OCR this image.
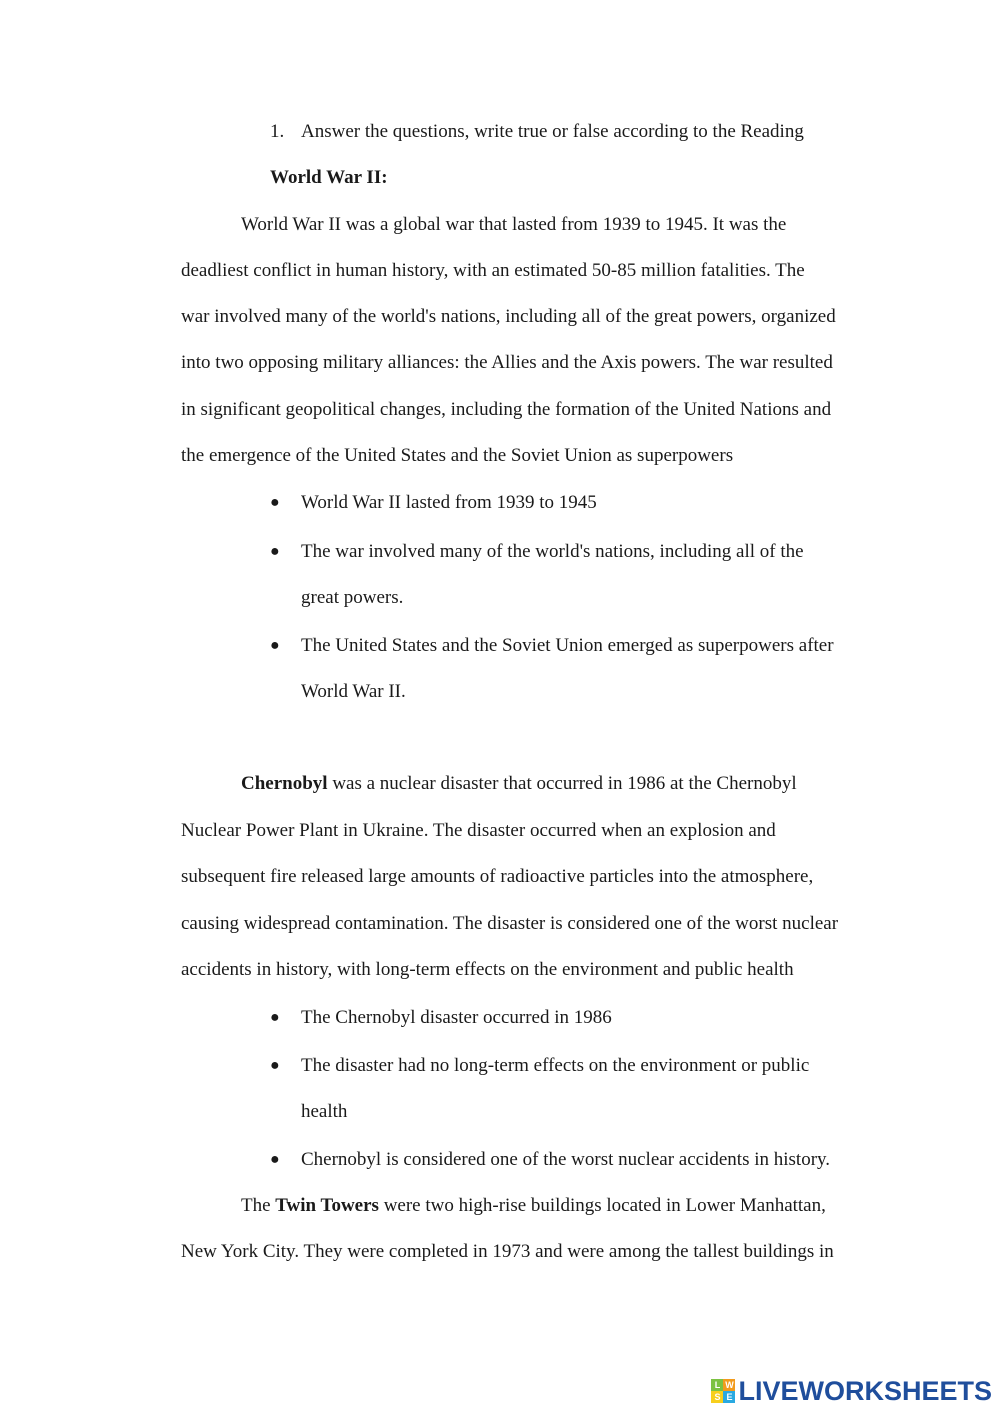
1. Answer the questions, write true or false according to the Reading
World War II:
World War II was a global war that lasted from 1939 to 1945. It was the
deadliest conflict in human history, with an estimated 50-85 million fatalities. The
war involved many of the world's nations, including all of the great powers, organized
into two opposing military alliances: the Allies and the Axis powers. The war resulted
in significant geopolitical changes, including the formation of the United Nations and
the emergence of the United States and the Soviet Union as superpowers
● World War II lasted from 1939 to 1945
● The war involved many of the world's nations, including all of the
great powers.
● The United States and the Soviet Union emerged as superpowers after
World War II.
Chernobyl was a nuclear disaster that occurred in 1986 at the Chernobyl
Nuclear Power Plant in Ukraine. The disaster occurred when an explosion and
subsequent fire released large amounts of radioactive particles into the atmosphere,
causing widespread contamination. The disaster is considered one of the worst nuclear
accidents in history, with long-term effects on the environment and public health
● The Chernobyl disaster occurred in 1986
● The disaster had no long-term effects on the environment or public
health
● Chernobyl is considered one of the worst nuclear accidents in history.
The Twin Towers were two high-rise buildings located in Lower Manhattan,
New York City. They were completed in 1973 and were among the tallest buildings in
L W
S E LIVEWORKSHEETS
